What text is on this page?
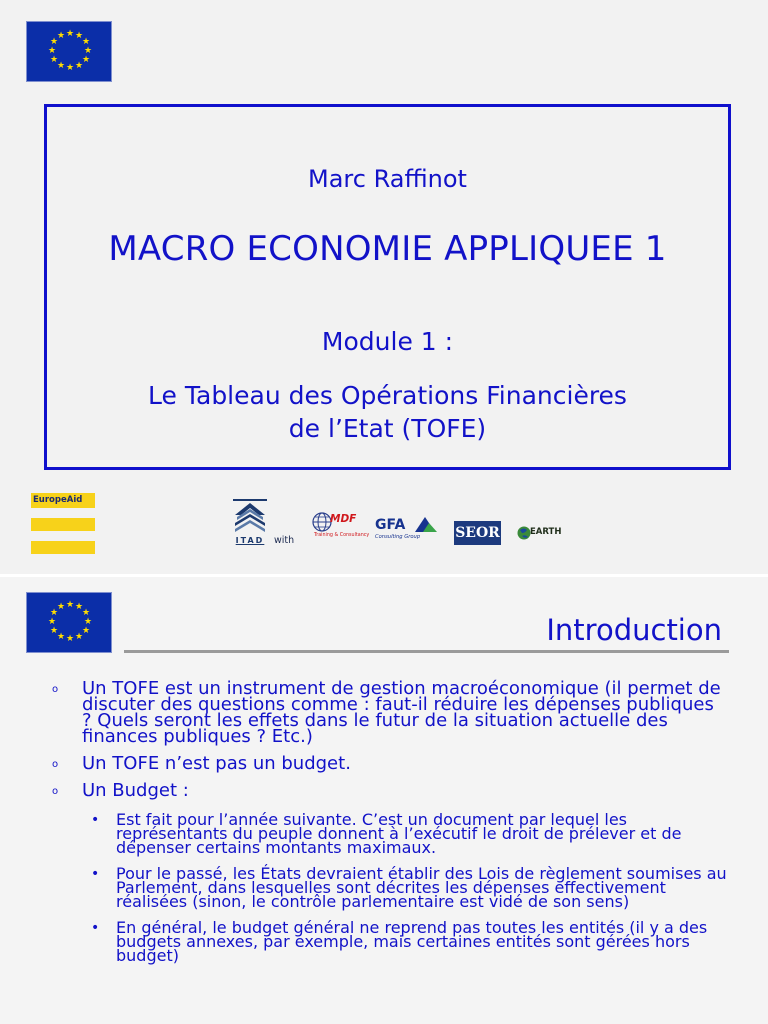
★ ★
★
★
★
★
★
★
★
★
★
★
Marc Raffinot
MACRO ECONOMIE APPLIQUEE 1
Module 1 :
Le Tableau des Opérations Financières
de l’Etat (TOFE)
EuropeAid
ITAD	with
MDF
Training & Consultancy
GFA
Consulting Group	SEOR	EARTH
★ ★
★
★
★
★
★
★
★
★
★
★
Introduction
o Un TOFE est un instrument de gestion macroéconomique (il permet de discuter des questions comme : faut-il réduire les dépenses publiques ? Quels seront les effets dans le futur de la situation actuelle des finances publiques ? Etc.)
o Un TOFE n’est pas un budget.
o Un Budget :
• Est fait pour l’année suivante. C’est un document par lequel les représentants du peuple donnent à l’exécutif le droit de prélever et de dépenser certains montants maximaux.
• Pour le passé, les États devraient établir des Lois de règlement soumises au Parlement, dans lesquelles sont décrites les dépenses effectivement réalisées (sinon, le contrôle parlementaire est vidé de son sens)
• En général, le budget général ne reprend pas toutes les entités (il y a des budgets annexes, par exemple, mais certaines entités sont gérées hors budget)
